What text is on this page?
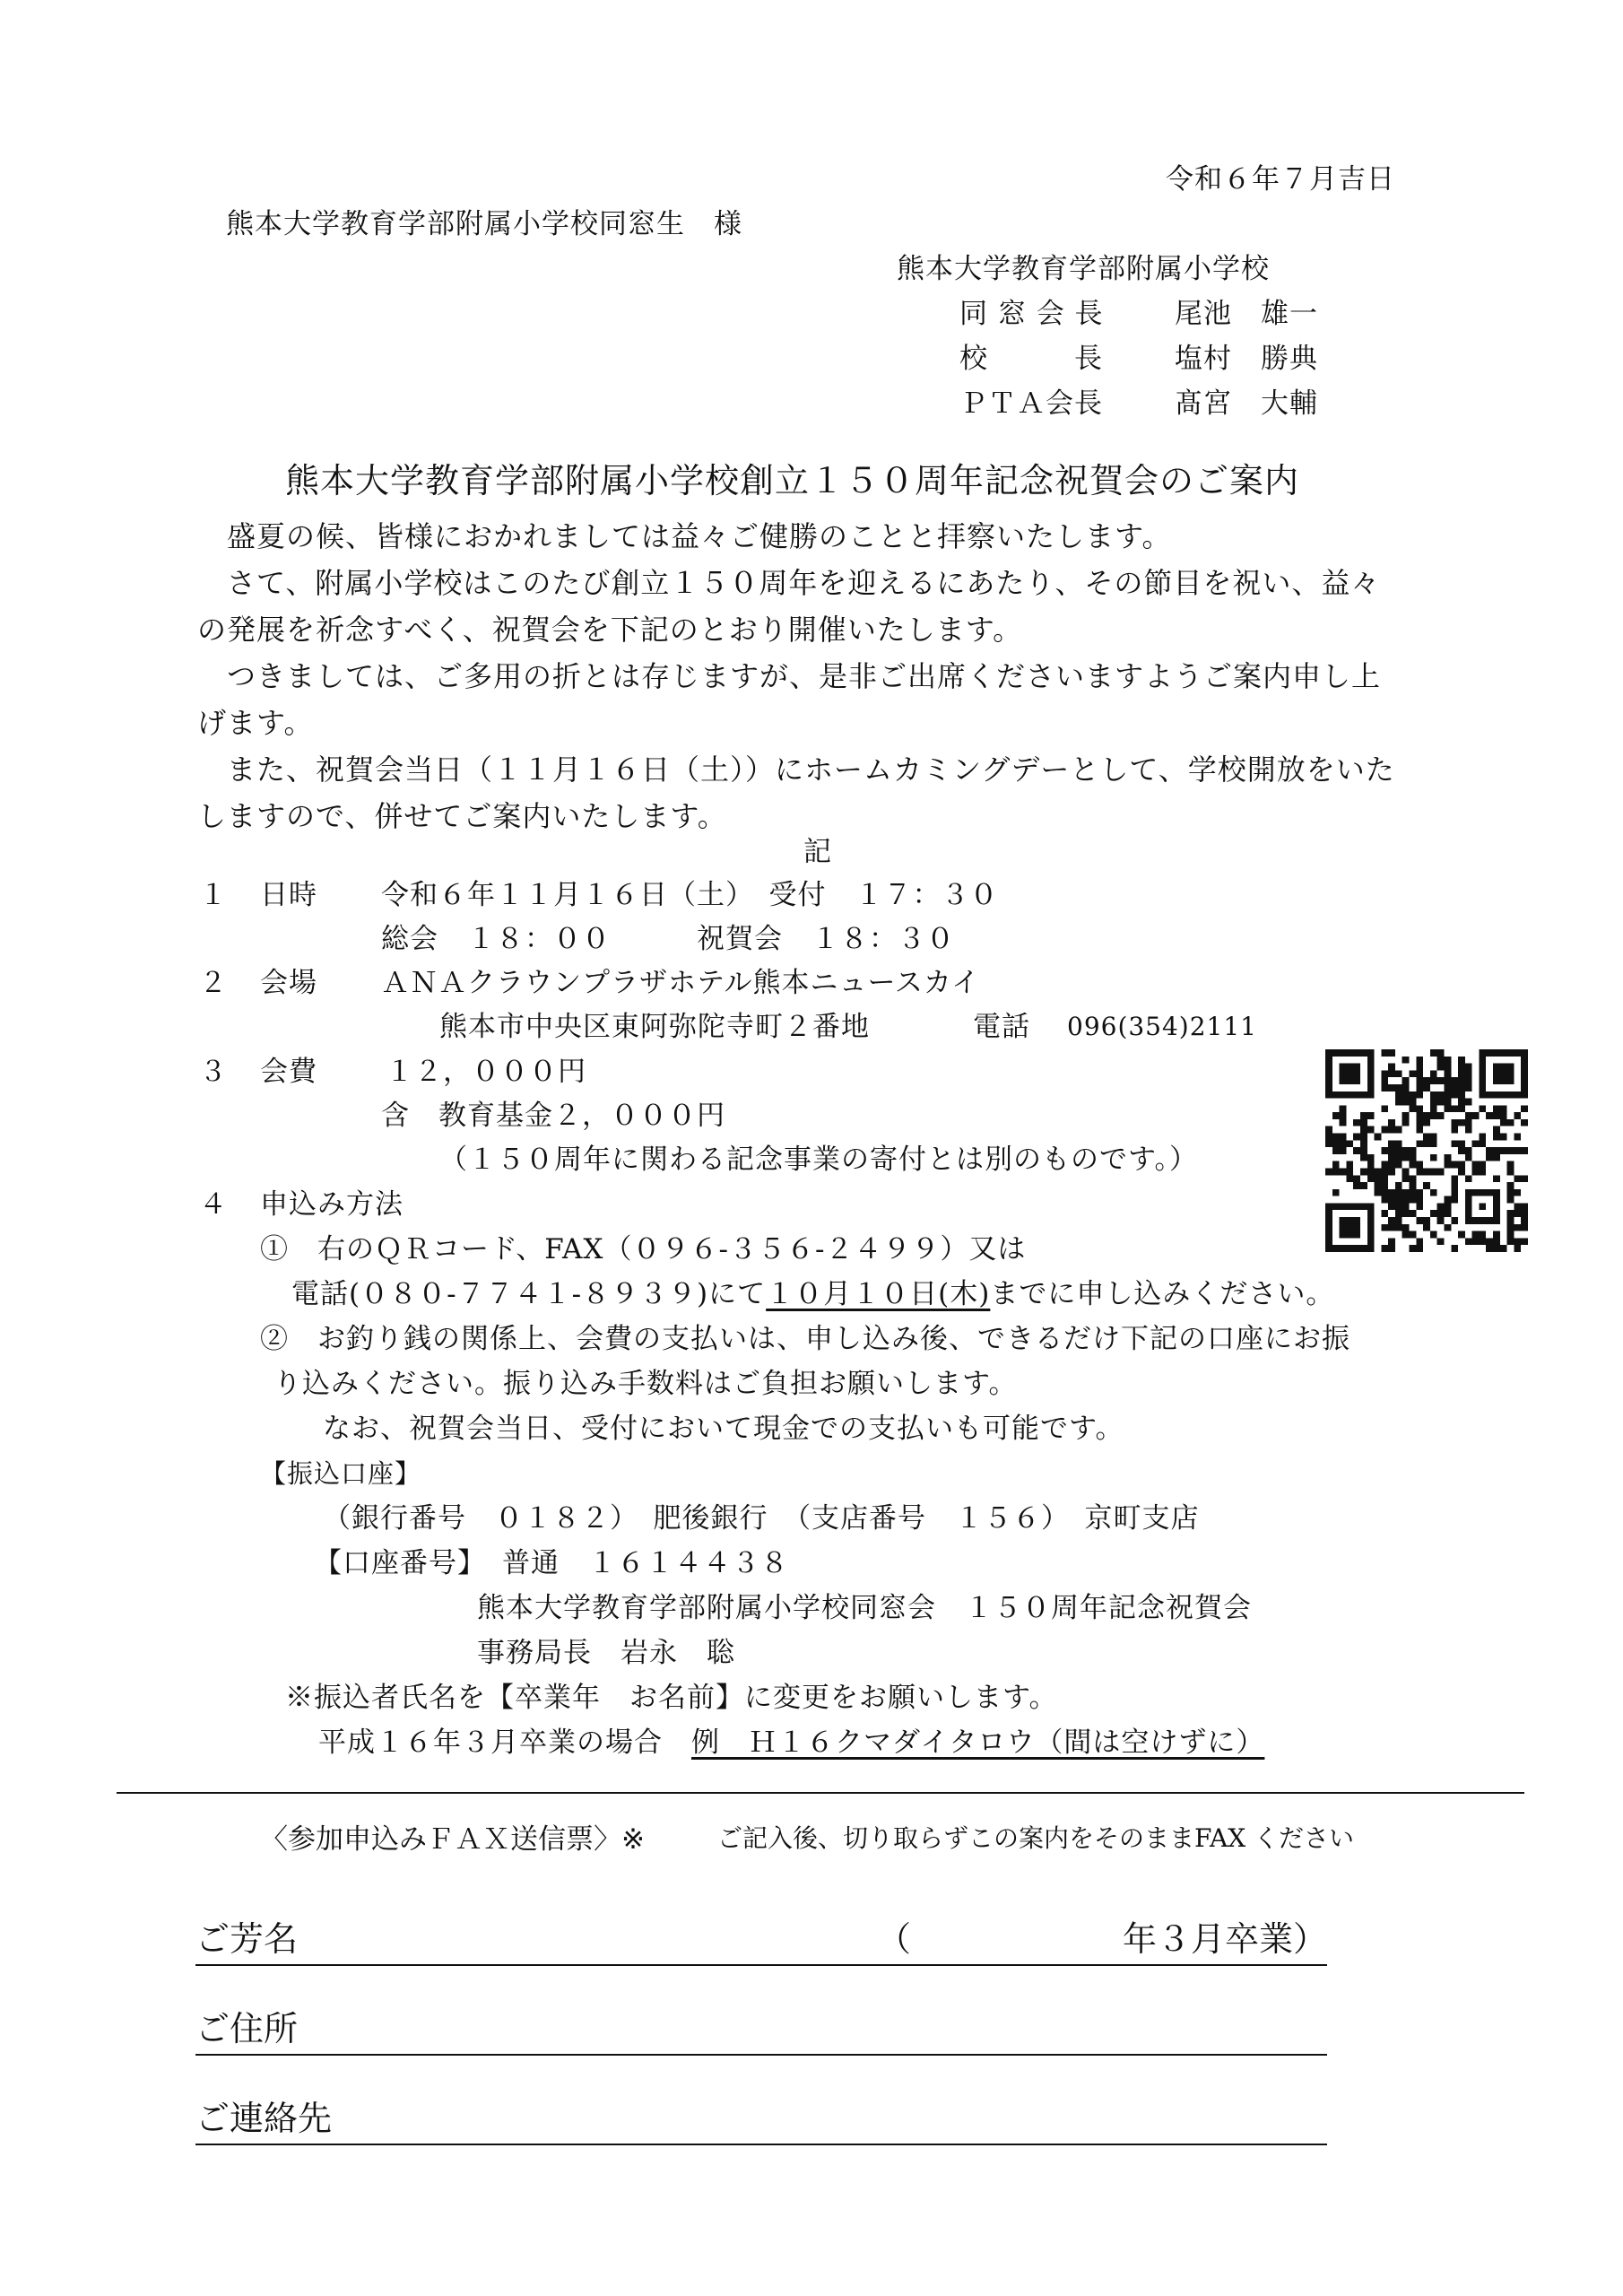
令和６年７月吉日
熊本大学教育学部附属小学校同窓生　様
熊本大学教育学部附属小学校
同 窓 会 長	尾池　雄一
校　　　長	塩村　勝典
ＰＴＡ会長	髙宮　大輔
熊本大学教育学部附属小学校創立１５０周年記念祝賀会のご案内
　盛夏の候、皆様におかれましては益々ご健勝のことと拝察いたします。
　さて、附属小学校はこのたび創立１５０周年を迎えるにあたり、その節目を祝い、益々
の発展を祈念すべく、祝賀会を下記のとおり開催いたします。
　つきましては、ご多用の折とは存じますが、是非ご出席くださいますようご案内申し上
げます。
　また、祝賀会当日（１１月１６日（土））にホームカミングデーとして、学校開放をいた
しますので、併せてご案内いたします。
記
１ 日時 令和６年１１月１６日（土）　受付　１７：３０
総会　１８：００　　　祝賀会　１８：３０
２ 会場 ＡＮＡクラウンプラザホテル熊本ニュースカイ
熊本市中央区東阿弥陀寺町２番地	電話 096(354)2111
３ 会費 １２，０００円
含　教育基金２，０００円
（１５０周年に関わる記念事業の寄付とは別のものです。）
４ 申込み方法
①　右のＱＲコード、FAX（０９６-３５６-２４９９）又は
電話(０８０-７７４１-８９３９)にて１０月１０日(木)までに申し込みください。
②　お釣り銭の関係上、会費の支払いは、申し込み後、できるだけ下記の口座にお振
り込みください。振り込み手数料はご負担お願いします。
なお、祝賀会当日、受付において現金での支払いも可能です。
【振込口座】
（銀行番号　０１８２）　肥後銀行　（支店番号　１５６）　京町支店
【口座番号】 普通　１６１４４３８
熊本大学教育学部附属小学校同窓会　１５０周年記念祝賀会
事務局長　岩永　聡
※振込者氏名を【卒業年　お名前】に変更をお願いします。
平成１６年３月卒業の場合　例　Ｈ１６クマダイタロウ（間は空けずに）
〈参加申込みＦＡＸ送信票〉※	ご記入後、切り取らずこの案内をそのままFAX ください
ご芳名	（	年３月卒業）
ご住所
ご連絡先
